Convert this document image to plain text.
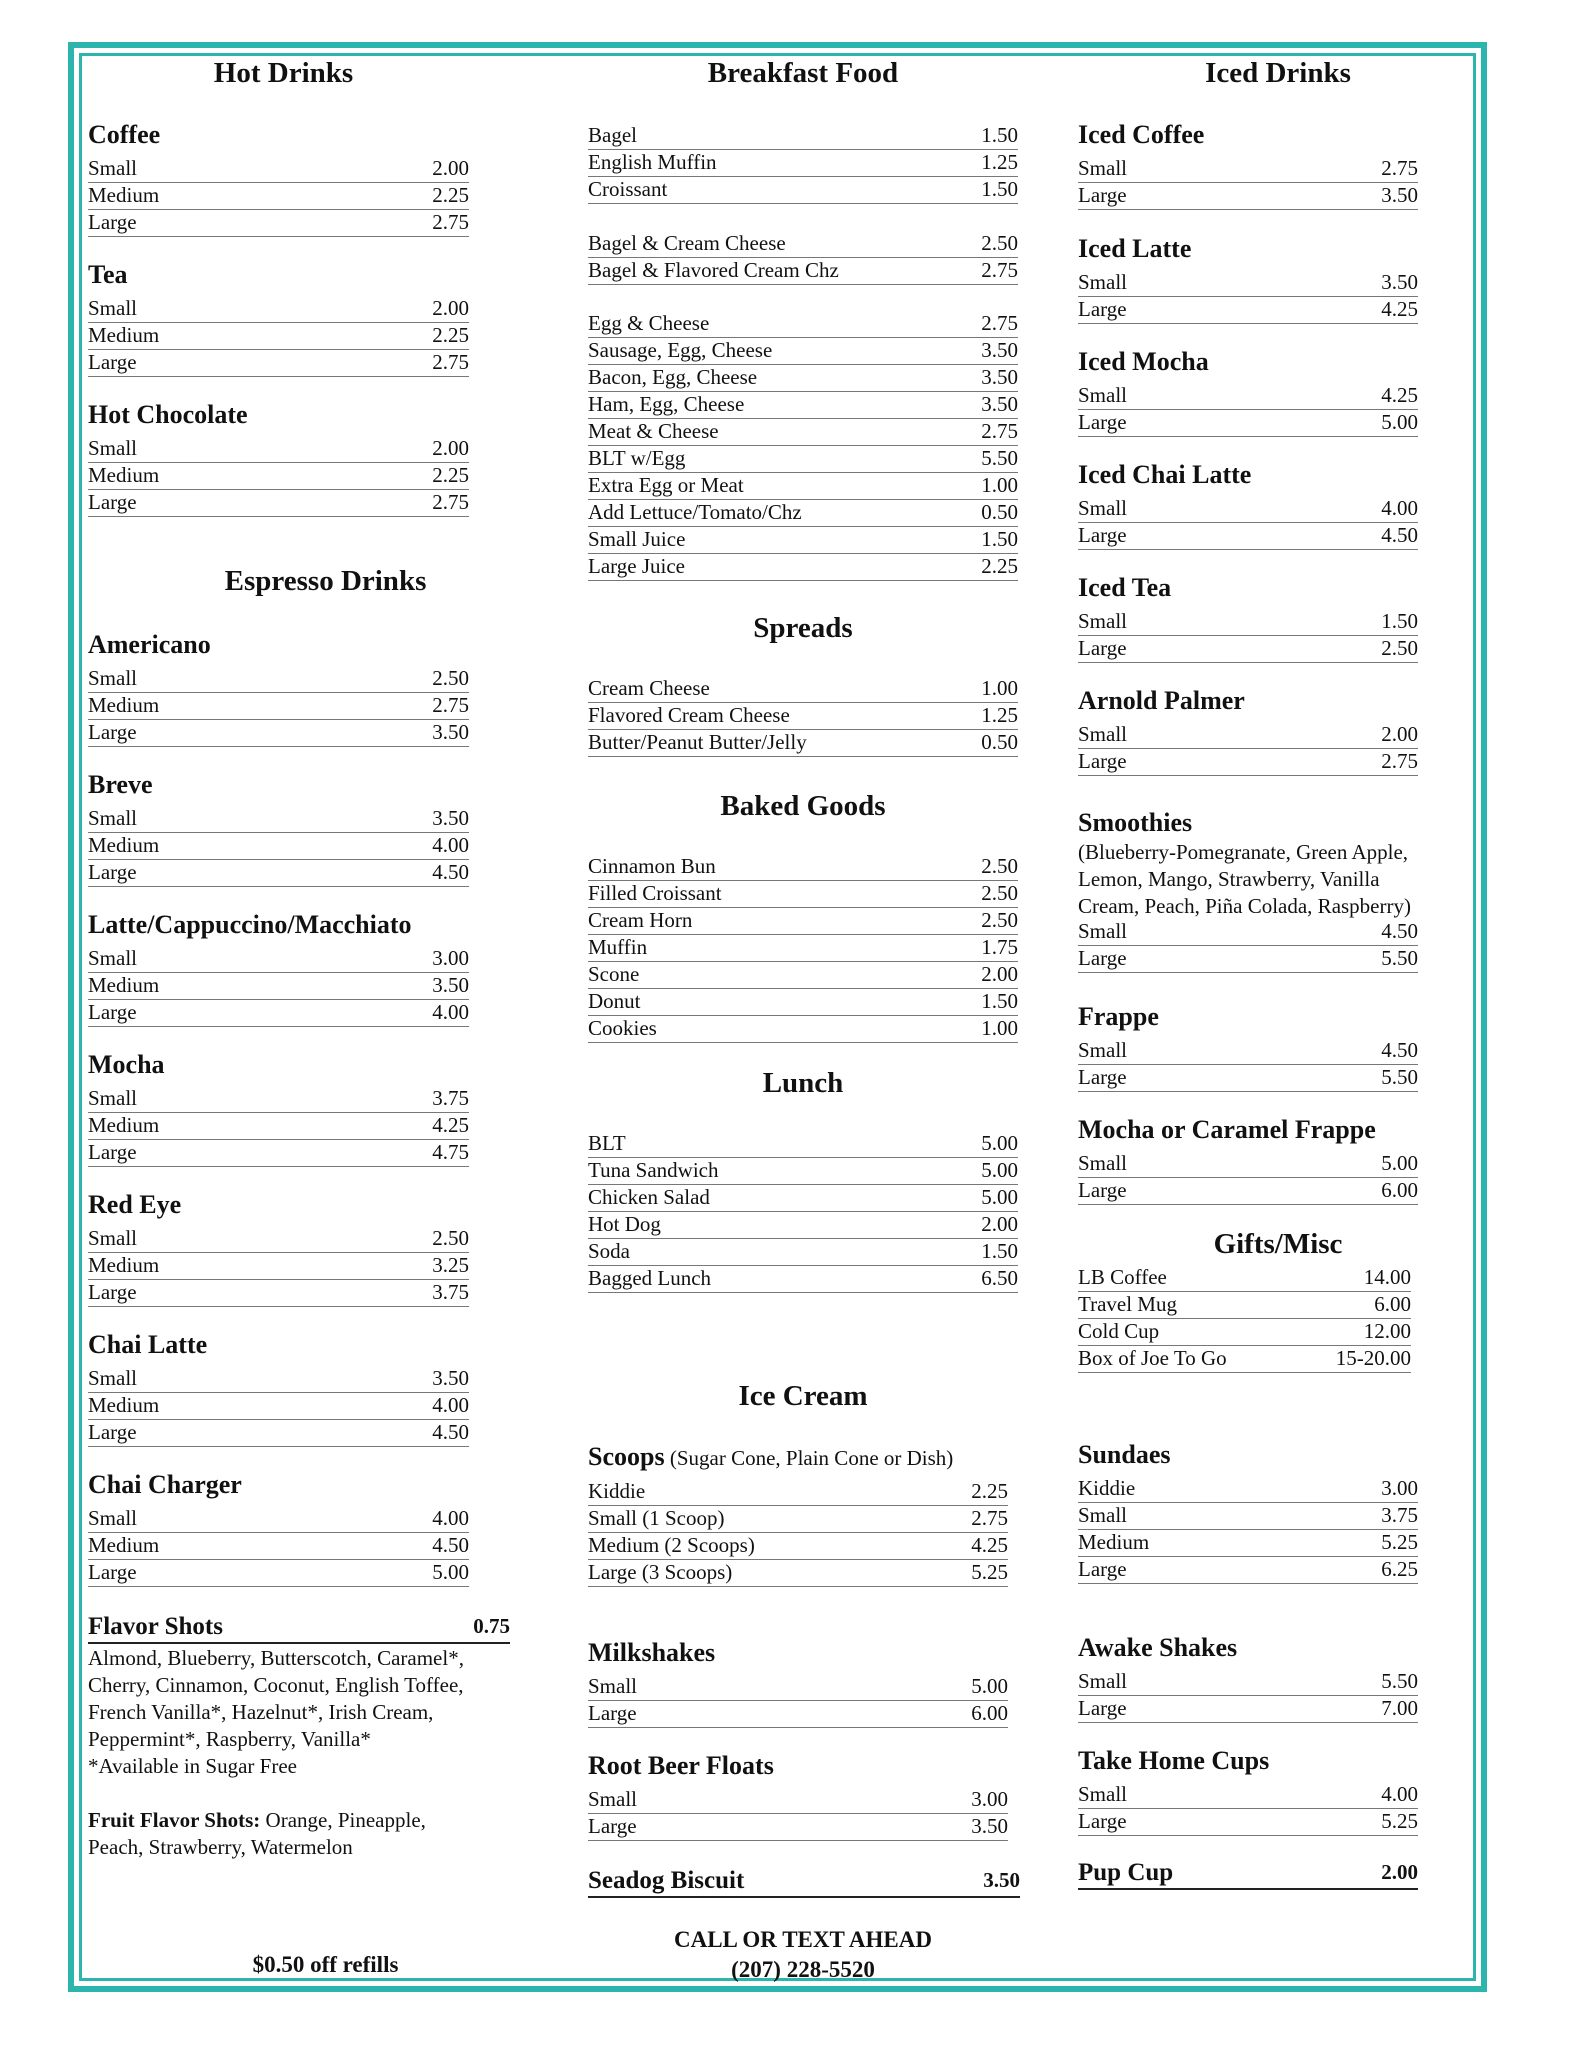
Hot Drinks
Coffee
Small	2.00
Medium	2.25
Large	2.75
Tea
Small	2.00
Medium	2.25
Large	2.75
Hot Chocolate
Small	2.00
Medium	2.25
Large	2.75
Espresso Drinks
Americano
Small	2.50
Medium	2.75
Large	3.50
Breve
Small	3.50
Medium	4.00
Large	4.50
Latte/Cappuccino/Macchiato
Small	3.00
Medium	3.50
Large	4.00
Mocha
Small	3.75
Medium	4.25
Large	4.75
Red Eye
Small	2.50
Medium	3.25
Large	3.75
Chai Latte
Small	3.50
Medium	4.00
Large	4.50
Chai Charger
Small	4.00
Medium	4.50
Large	5.00
Flavor Shots	0.75
Almond, Blueberry, Butterscotch, Caramel*,
Cherry, Cinnamon, Coconut, English Toffee,
French Vanilla*, Hazelnut*, Irish Cream,
Peppermint*, Raspberry, Vanilla*
*Available in Sugar Free
Fruit Flavor Shots: Orange, Pineapple,
Peach, Strawberry, Watermelon
$0.50 off refills
Breakfast Food
Bagel	1.50
English Muffin	1.25
Croissant	1.50
Bagel & Cream Cheese	2.50
Bagel & Flavored Cream Chz	2.75
Egg & Cheese	2.75
Sausage, Egg, Cheese	3.50
Bacon, Egg, Cheese	3.50
Ham, Egg, Cheese	3.50
Meat & Cheese	2.75
BLT w/Egg	5.50
Extra Egg or Meat	1.00
Add Lettuce/Tomato/Chz	0.50
Small Juice	1.50
Large Juice	2.25
Spreads
Cream Cheese	1.00
Flavored Cream Cheese	1.25
Butter/Peanut Butter/Jelly	0.50
Baked Goods
Cinnamon Bun	2.50
Filled Croissant	2.50
Cream Horn	2.50
Muffin	1.75
Scone	2.00
Donut	1.50
Cookies	1.00
Lunch
BLT	5.00
Tuna Sandwich	5.00
Chicken Salad	5.00
Hot Dog	2.00
Soda	1.50
Bagged Lunch	6.50
Ice Cream
Scoops (Sugar Cone, Plain Cone or Dish)
Kiddie	2.25
Small (1 Scoop)	2.75
Medium (2 Scoops)	4.25
Large (3 Scoops)	5.25
Milkshakes
Small	5.00
Large	6.00
Root Beer Floats
Small	3.00
Large	3.50
Seadog Biscuit	3.50
CALL OR TEXT AHEAD
(207) 228-5520
Iced Drinks
Iced Coffee
Small	2.75
Large	3.50
Iced Latte
Small	3.50
Large	4.25
Iced Mocha
Small	4.25
Large	5.00
Iced Chai Latte
Small	4.00
Large	4.50
Iced Tea
Small	1.50
Large	2.50
Arnold Palmer
Small	2.00
Large	2.75
Smoothies
(Blueberry-Pomegranate, Green Apple,
Lemon, Mango, Strawberry, Vanilla
Cream, Peach, Piña Colada, Raspberry)
Small	4.50
Large	5.50
Frappe
Small	4.50
Large	5.50
Mocha or Caramel Frappe
Small	5.00
Large	6.00
Gifts/Misc
LB Coffee	14.00
Travel Mug	6.00
Cold Cup	12.00
Box of Joe To Go	15-20.00
Sundaes
Kiddie	3.00
Small	3.75
Medium	5.25
Large	6.25
Awake Shakes
Small	5.50
Large	7.00
Take Home Cups
Small	4.00
Large	5.25
Pup Cup	2.00
